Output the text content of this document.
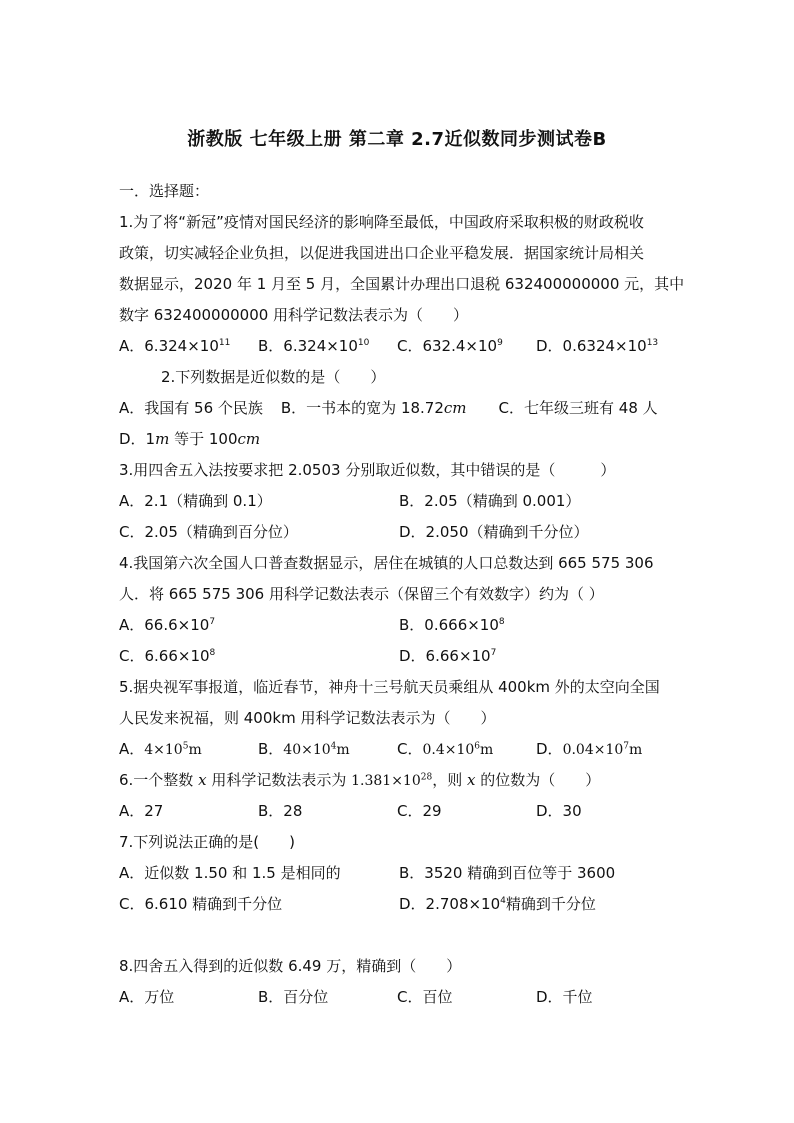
浙教版 七年级上册 第二章 2.7近似数同步测试卷B
一．选择题：
1.为了将“新冠”疫情对国民经济的影响降至最低，中国政府采取积极的财政税收
政策，切实减轻企业负担，以促进我国进出口企业平稳发展．据国家统计局相关
数据显示，2020 年 1 月至 5 月，全国累计办理出口退税 632400000000 元，其中
数字 632400000000 用科学记数法表示为（　　）
A．$6.324\times 10^{11}$	B．$6.324\times 10^{10}$	C．$632.4\times 10^9$	D．$0.6324\times 10^{13}$
2.下列数据是近似数的是（　　）
A．我国有 56 个民族 B．一书本的宽为 18.72cm C．七年级三班有 48 人
D．1m 等于 100cm
3.用四舍五入法按要求把 2.0503 分别取近似数，其中错误的是（　　　）
A．2.1（精确到 0.1）	B．2.05（精确到 0.001）
C．2.05（精确到百分位）	D．2.050（精确到千分位）
4.我国第六次全国人口普查数据显示，居住在城镇的人口总数达到 665 575 306
人．将 665 575 306 用科学记数法表示（保留三个有效数字）约为（ ）
A．$66.6\times 10^7$	B．$0.666\times 10^8$
C．$6.66\times 10^8$	D．$6.66\times 10^7$
5.据央视军事报道，临近春节，神舟十三号航天员乘组从 400km 外的太空向全国
人民发来祝福，则 400km 用科学记数法表示为（　　）
A．$4\times 10^5m$	B．$40\times 10^4m$	C．$0.4\times 10^6m$	D．$0.04\times 10^7m$
6.一个整数 x 用科学记数法表示为 $1.381\times 10^{28}$，则 x 的位数为（　　）
A．27	B．28	C．29	D．30
7.下列说法正确的是(　　)
A．近似数 1.50 和 1.5 是相同的	B．3520 精确到百位等于 3600
C．6.610 精确到千分位	D．$2.708\times 10^4$精确到千分位
8.四舍五入得到的近似数 6.49 万，精确到（　　）
A．万位	B．百分位	C．百位	D．千位
